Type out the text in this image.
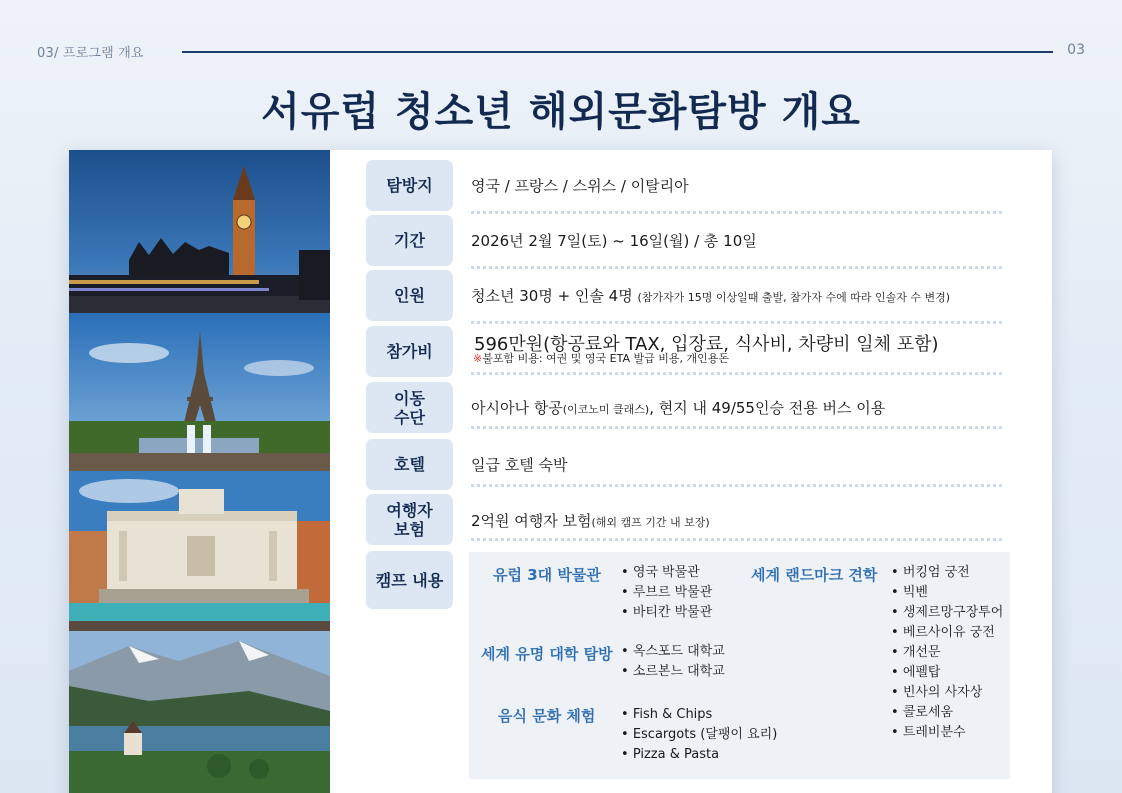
03/ 프로그램 개요	03
서유럽 청소년 해외문화탐방 개요
탐방지	영국 / 프랑스 / 스위스 / 이탈리아
기간	2026년 2월 7일(토) ~ 16일(월) / 총 10일
인원	청소년 30명 + 인솔 4명 (참가자가 15명 이상일때 출발, 참가자 수에 따라 인솔자 수 변경)
참가비	596만원(항공료와 TAX, 입장료, 식사비, 차량비 일체 포함)
※불포함 비용: 여권 및 영국 ETA 발급 비용, 개인용돈
이동
수단	아시아나 항공(이코노미 클래스), 현지 내 49/55인승 전용 버스 이용
호텔	일급 호텔 숙박
여행자
보험	2억원 여행자 보험(해외 캠프 기간 내 보장)
캠프 내용	유럽 3대 박물관	• 영국 박물관
• 루브르 박물관
• 바티칸 박물관
세계 유명 대학 탐방	• 옥스포드 대학교
• 소르본느 대학교
음식 문화 체험	• Fish & Chips
• Escargots (달팽이 요리)
• Pizza & Pasta
세계 랜드마크 견학	• 버킹엄 궁전
• 빅벤
• 생제르망구장투어
• 베르사이유 궁전
• 개선문
• 에펠탑
• 빈사의 사자상
• 콜로세움
• 트레비분수
